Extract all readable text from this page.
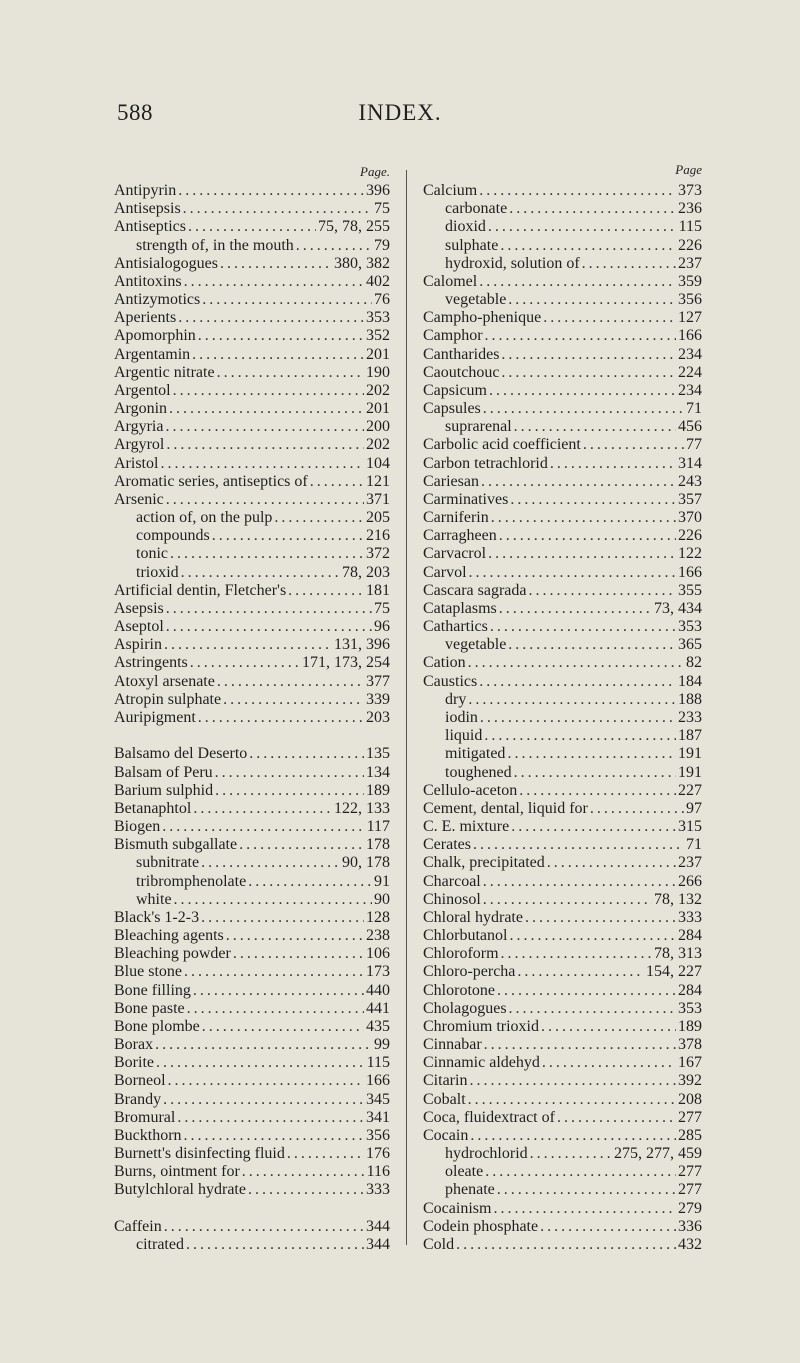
588	INDEX.
Page.
Antipyrin .....	396
Antisepsis .....	75
Antiseptics .....	75, 78, 255
strength of, in the mouth .....	79
Antisialogogues .....	380, 382
Antitoxins .....	402
Antizymotics .....	76
Aperients .....	353
Apomorphin .....	352
Argentamin .....	201
Argentic nitrate .....	190
Argentol .....	202
Argonin .....	201
Argyria .....	200
Argyrol .....	202
Aristol .....	104
Aromatic series, antiseptics of .....	121
Arsenic .....	371
action of, on the pulp .....	205
compounds .....	216
tonic .....	372
trioxid .....	78, 203
Artificial dentin, Fletcher's .....	181
Asepsis .....	75
Aseptol .....	96
Aspirin .....	131, 396
Astringents .....	171, 173, 254
Atoxyl arsenate .....	377
Atropin sulphate .....	339
Auripigment .....	203
Balsamo del Deserto .....	135
Balsam of Peru .....	134
Barium sulphid .....	189
Betanaphtol .....	122, 133
Biogen .....	117
Bismuth subgallate .....	178
subnitrate .....	90, 178
tribromphenolate .....	91
white .....	90
Black's 1-2-3 .....	128
Bleaching agents .....	238
Bleaching powder .....	106
Blue stone .....	173
Bone filling .....	440
Bone paste .....	441
Bone plombe .....	435
Borax .....	99
Borite .....	115
Borneol .....	166
Brandy .....	345
Bromural .....	341
Buckthorn .....	356
Burnett's disinfecting fluid .....	176
Burns, ointment for .....	116
Butylchloral hydrate .....	333
Caffein .....	344
citrated .....	344
Page
Calcium .....	373
carbonate .....	236
dioxid .....	115
sulphate .....	226
hydroxid, solution of .....	237
Calomel .....	359
vegetable .....	356
Campho-phenique .....	127
Camphor .....	166
Cantharides .....	234
Caoutchouc .....	224
Capsicum .....	234
Capsules .....	71
suprarenal .....	456
Carbolic acid coefficient .....	77
Carbon tetrachlorid .....	314
Cariesan .....	243
Carminatives .....	357
Carniferin .....	370
Carragheen .....	226
Carvacrol .....	122
Carvol .....	166
Cascara sagrada .....	355
Cataplasms .....	73, 434
Cathartics .....	353
vegetable .....	365
Cation .....	82
Caustics .....	184
dry .....	188
iodin .....	233
liquid .....	187
mitigated .....	191
toughened .....	191
Cellulo-aceton .....	227
Cement, dental, liquid for .....	97
C. E. mixture .....	315
Cerates .....	71
Chalk, precipitated .....	237
Charcoal .....	266
Chinosol .....	78, 132
Chloral hydrate .....	333
Chlorbutanol .....	284
Chloroform .....	78, 313
Chloro-percha .....	154, 227
Chlorotone .....	284
Cholagogues .....	353
Chromium trioxid .....	189
Cinnabar .....	378
Cinnamic aldehyd .....	167
Citarin .....	392
Cobalt .....	208
Coca, fluidextract of .....	277
Cocain .....	285
hydrochlorid .....	275, 277, 459
oleate .....	277
phenate .....	277
Cocainism .....	279
Codein phosphate .....	336
Cold .....	432
